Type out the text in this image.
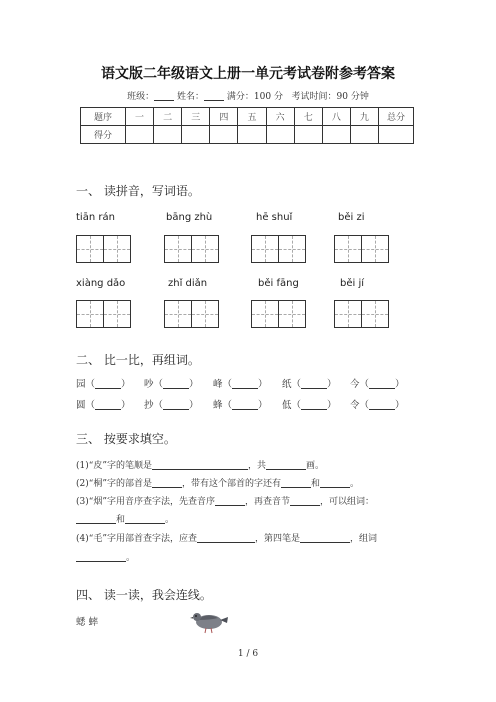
语文版二年级语文上册一单元考试卷附参考答案
班级：	姓名：	满分：100 分 考试时间：90 分钟
题序	一	二	三	四	五	六	七	八	九	总分
得分										
一、 读拼音，写词语。
tiān rán	bāng zhù	hē shuǐ	běi zi
xiàng dǎo	zhǐ diǎn	běi fāng	běi jí
二、 比一比，再组词。
园（	） 吵（	） 峰（	） 纸（	） 今（	）
圆（	） 抄（	） 蜂（	） 低（	） 令（	）
三、 按要求填空。
(1)“皮”字的笔顺是	，共	画。
(2)“桐”字的部首是	，带有这个部首的字还有	和	。
(3)“烟”字用音序查字法，先查音序	，再查音节	，可以组词：
和	。
(4)“毛”字用部首查字法，应查	，第四笔是	，组词
。
四、 读一读，我会连线。
蟋 蟀
1 / 6
